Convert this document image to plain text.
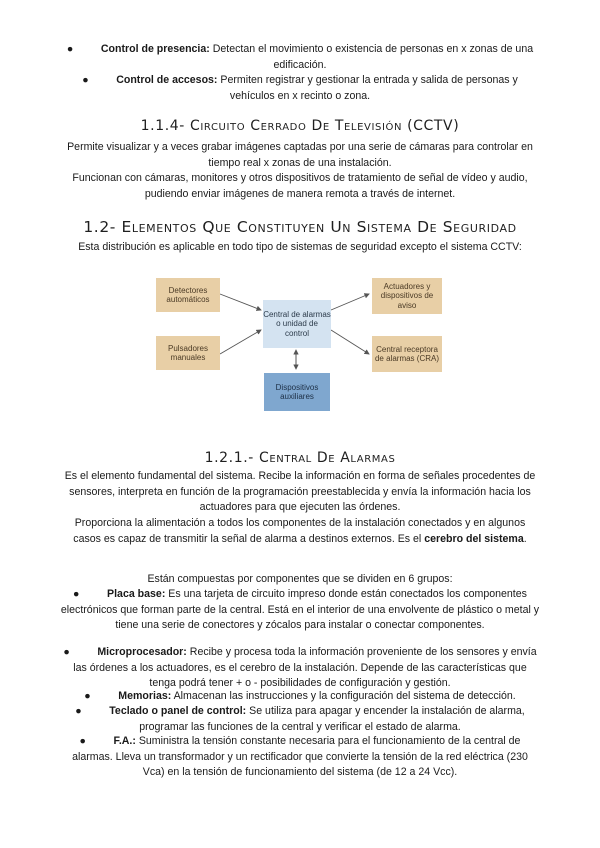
●	Control de presencia: Detectan el movimiento o existencia de personas en x zonas de una edificación.

●	Control de accesos: Permiten registrar y gestionar la entrada y salida de personas y vehículos en x recinto o zona.

1.1.4- Circuito Cerrado De Televisión (CCTV)

Permite visualizar y a veces grabar imágenes captadas por una serie de cámaras para controlar en tiempo real x zonas de una instalación.

Funcionan con cámaras, monitores y otros dispositivos de tratamiento de señal de vídeo y audio, pudiendo enviar imágenes de manera remota a través de internet.

1.2- Elementos Que Constituyen Un Sistema De Seguridad

Esta distribución es aplicable en todo tipo de sistemas de seguridad excepto el sistema CCTV:

Detectores automáticos
Pulsadores manuales
Central de alarmas o unidad de control
Actuadores y dispositivos de aviso
Central receptora de alarmas (CRA)
Dispositivos auxiliares
1.2.1.- Central De Alarmas

Es el elemento fundamental del sistema. Recibe la información en forma de señales procedentes de sensores, interpreta en función de la programación preestablecida y envía la información hacia los actuadores para que ejecuten las órdenes.

Proporciona la alimentación a todos los componentes de la instalación conectados y en algunos casos es capaz de transmitir la señal de alarma a destinos externos. Es el cerebro del sistema.

Están compuestas por componentes que se dividen en 6 grupos:

●	Placa base: Es una tarjeta de circuito impreso donde están conectados los componentes electrónicos que forman parte de la central. Está en el interior de una envolvente de plástico o metal y tiene una serie de conectores y zócalos para instalar o conectar componentes.

●	Microprocesador: Recibe y procesa toda la información proveniente de los sensores y envía las órdenes a los actuadores, es el cerebro de la instalación. Depende de las características que tenga podrá tener + o - posibilidades de configuración y gestión.

●	Memorias: Almacenan las instrucciones y la configuración del sistema de detección.

●	Teclado o panel de control: Se utiliza para apagar y encender la instalación de alarma, programar las funciones de la central y verificar el estado de alarma.

●	F.A.: Suministra la tensión constante necesaria para el funcionamiento de la central de alarmas. Lleva un transformador y un rectificador que convierte la tensión de la red eléctrica (230 Vca) en la tensión de funcionamiento del sistema (de 12 a 24 Vcc).
